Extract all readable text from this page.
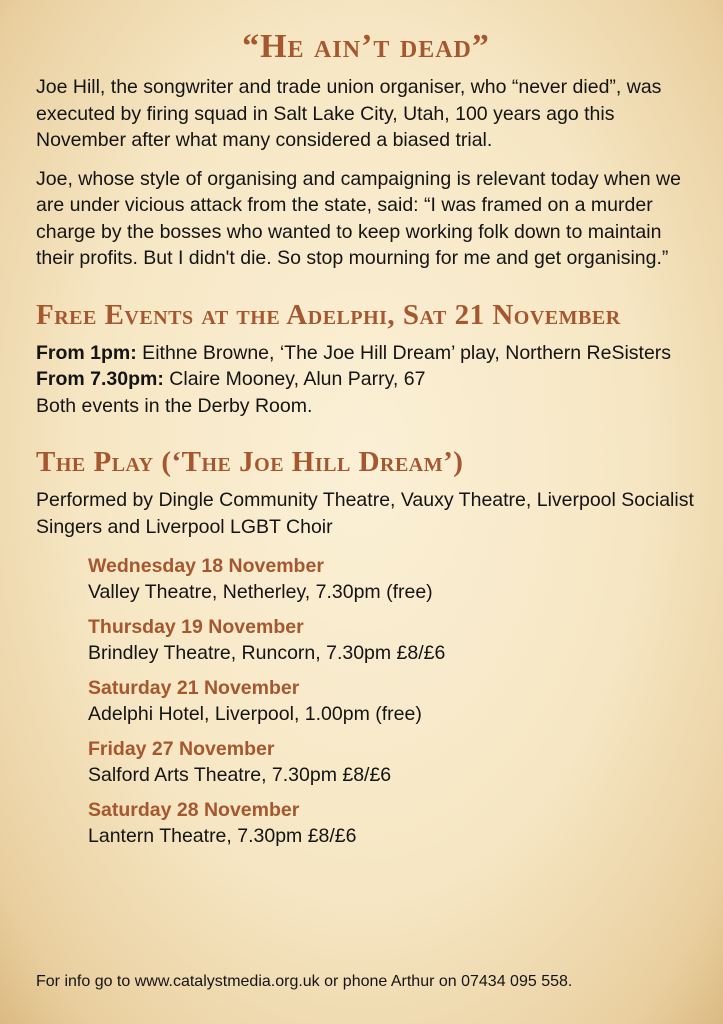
“He ain’t dead”

Joe Hill, the songwriter and trade union organiser, who “never died”, was executed by firing squad in Salt Lake City, Utah, 100 years ago this November after what many considered a biased trial.

Joe, whose style of organising and campaigning is relevant today when we are under vicious attack from the state, said: “I was framed on a murder charge by the bosses who wanted to keep working folk down to maintain their profits. But I didn't die. So stop mourning for me and get organising.”

Free Events at the Adelphi, Sat 21 November

From 1pm: Eithne Browne, ‘The Joe Hill Dream’ play, Northern ReSisters

From 7.30pm: Claire Mooney, Alun Parry, 67

Both events in the Derby Room.

The Play (‘The Joe Hill Dream’)

Performed by Dingle Community Theatre, Vauxy Theatre, Liverpool Socialist Singers and Liverpool LGBT Choir

Wednesday 18 November
Valley Theatre, Netherley, 7.30pm (free)
Thursday 19 November
Brindley Theatre, Runcorn, 7.30pm £8/£6
Saturday 21 November
Adelphi Hotel, Liverpool, 1.00pm (free)
Friday 27 November
Salford Arts Theatre, 7.30pm £8/£6
Saturday 28 November
Lantern Theatre, 7.30pm £8/£6
For info go to www.catalystmedia.org.uk or phone Arthur on 07434 095 558.
